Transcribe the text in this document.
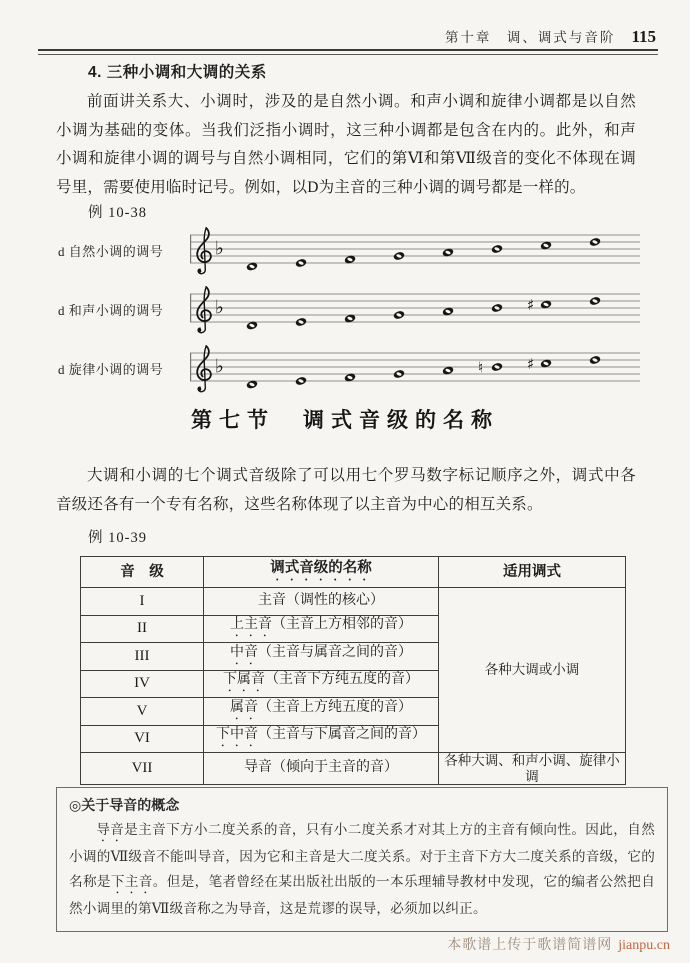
第十章　调、调式与音阶 115
4. 三种小调和大调的关系

前面讲关系大、小调时，涉及的是自然小调。和声小调和旋律小调都是以自然小调为基础的变体。当我们泛指小调时，这三种小调都是包含在内的。此外，和声小调和旋律小调的调号与自然小调相同，它们的第Ⅵ和第Ⅶ级音的变化不体现在调号里，需要使用临时记号。例如，以D为主音的三种小调的调号都是一样的。

例 10-38
d 自然小调的调号	♭
d 和声小调的调号	♭	♯
d 旋律小调的调号	♭	♮	♯
第七节　调式音级的名称

大调和小调的七个调式音级除了可以用七个罗马数字标记顺序之外，调式中各音级还各有一个专有名称，这些名称体现了以主音为中心的相互关系。

例 10-39
音　级	调式音级的名称	适用调式
I	主音（调性的核心）	各种大调或小调
II	上主音（主音上方相邻的音）	
III	中音（主音与属音之间的音）	
IV	下属音（主音下方纯五度的音）	
V	属音（主音上方纯五度的音）	
VI	下中音（主音与下属音之间的音）	
VII	导音（倾向于主音的音）	各种大调、和声小调、旋律小调

◎关于导音的概念

导音是主音下方小二度关系的音，只有小二度关系才对其上方的主音有倾向性。因此，自然小调的Ⅶ级音不能叫导音，因为它和主音是大二度关系。对于主音下方大二度关系的音级，它的名称是下主音。但是，笔者曾经在某出版社出版的一本乐理辅导教材中发现，它的编者公然把自然小调里的第Ⅶ级音称之为导音，这是荒谬的误导，必须加以纠正。

本歌谱上传于歌谱简谱网 jianpu.cn
